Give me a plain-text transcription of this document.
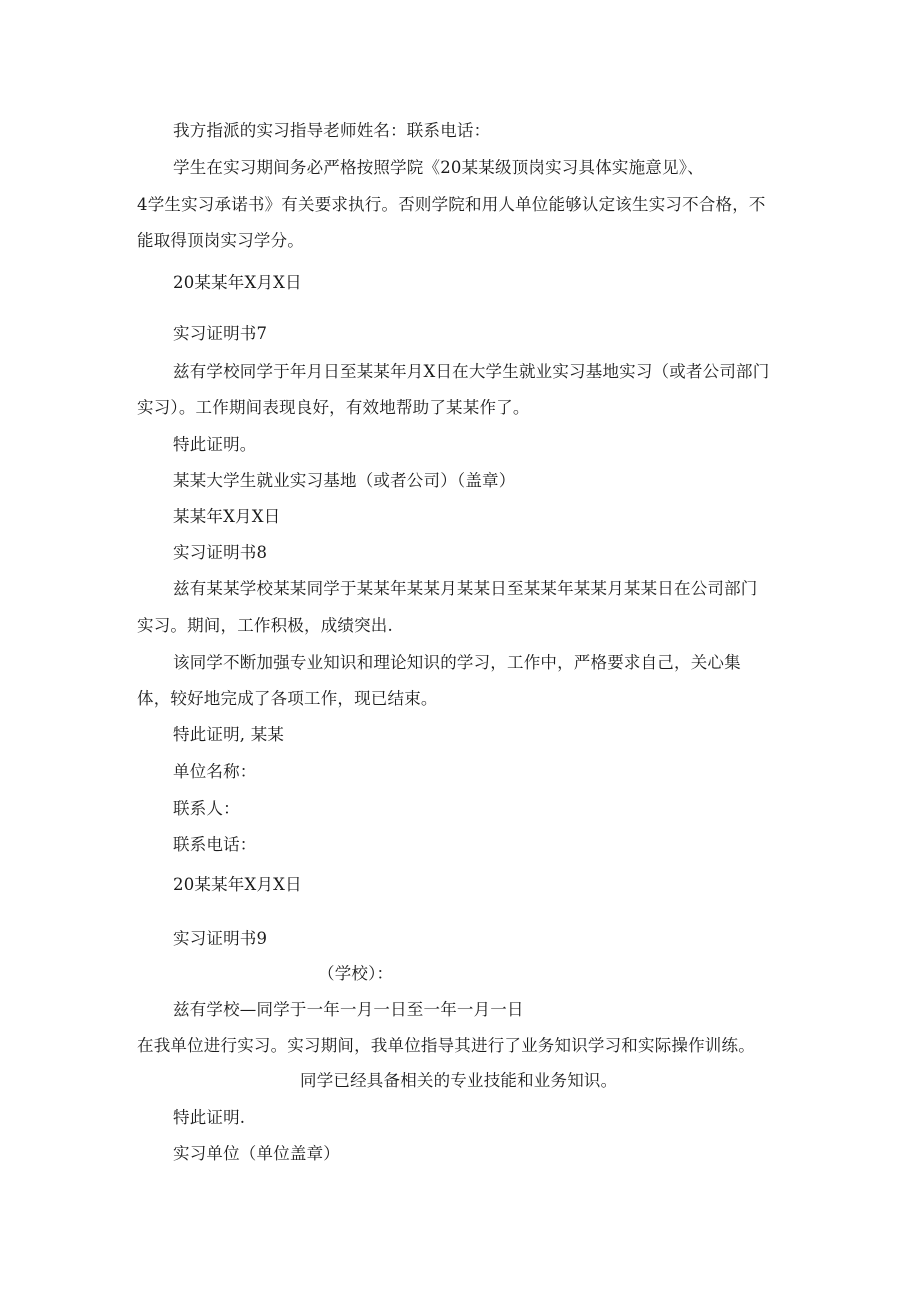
我方指派的实习指导老师姓名：联系电话：
学生在实习期间务必严格按照学院《20某某级顶岗实习具体实施意见》、
4学生实习承诺书》有关要求执行。否则学院和用人单位能够认定该生实习不合格，不
能取得顶岗实习学分。
20某某年X月X日
实习证明书7
兹有学校同学于年月日至某某年月X日在大学生就业实习基地实习（或者公司部门
实习）。工作期间表现良好，有效地帮助了某某作了。
特此证明。
某某大学生就业实习基地（或者公司）（盖章）
某某年X月X日
实习证明书8
兹有某某学校某某同学于某某年某某月某某日至某某年某某月某某日在公司部门
实习。期间，工作积极，成绩突出.
该同学不断加强专业知识和理论知识的学习，工作中，严格要求自己，关心集
体，较好地完成了各项工作，现已结束。
特此证明, 某某
单位名称：
联系人：
联系电话：
20某某年X月X日
实习证明书9
（学校）：
兹有学校—同学于一年一月一日至一年一月一日
在我单位进行实习。实习期间，我单位指导其进行了业务知识学习和实际操作训练。
同学已经具备相关的专业技能和业务知识。
特此证明.
实习单位（单位盖章）
